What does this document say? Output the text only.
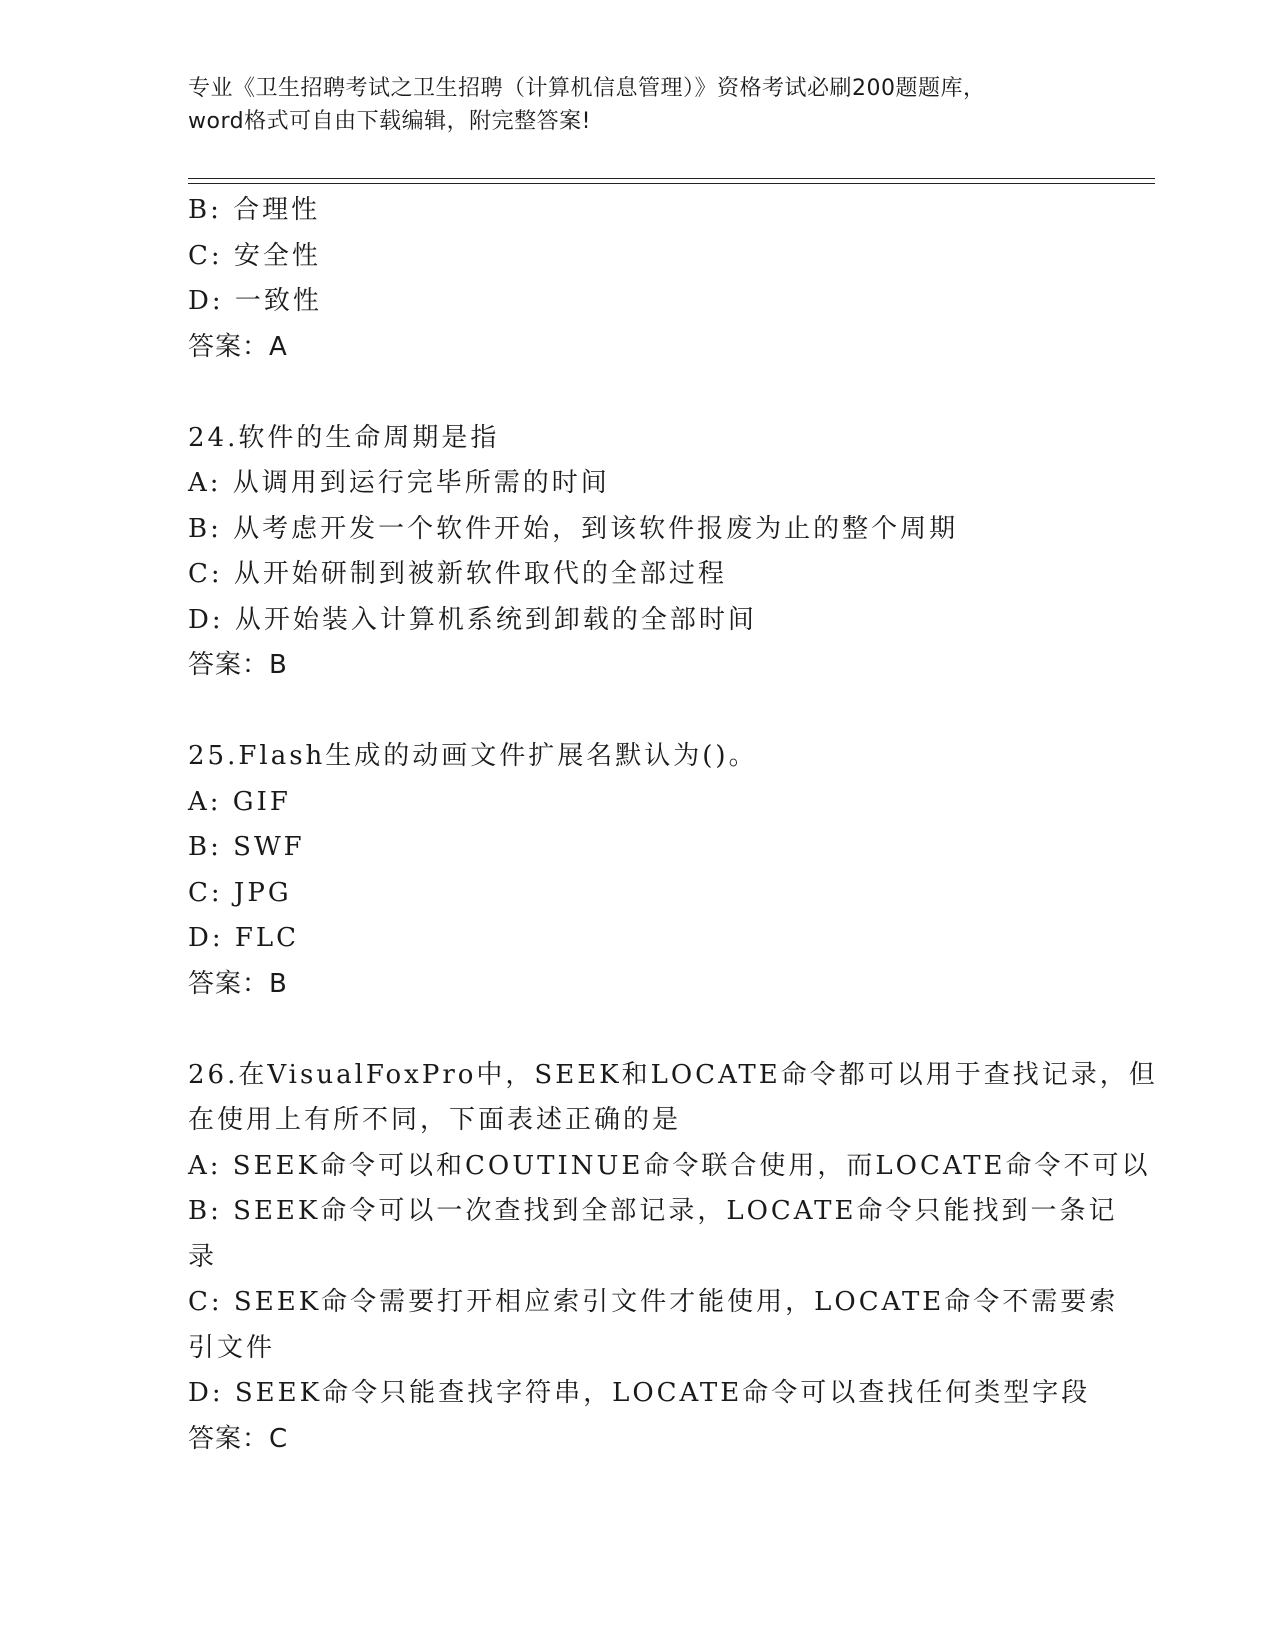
专业《卫生招聘考试之卫生招聘（计算机信息管理）》资格考试必刷200题题库，
word格式可自由下载编辑，附完整答案!
B: 合理性
C: 安全性
D: 一致性
答案：A
24.软件的生命周期是指
A: 从调用到运行完毕所需的时间
B: 从考虑开发一个软件开始，到该软件报废为止的整个周期
C: 从开始研制到被新软件取代的全部过程
D: 从开始装入计算机系统到卸载的全部时间
答案：B
25.Flash生成的动画文件扩展名默认为()。
A: GIF
B: SWF
C: JPG
D: FLC
答案：B
26.在VisualFoxPro中，SEEK和LOCATE命令都可以用于查找记录，但
在使用上有所不同，下面表述正确的是
A: SEEK命令可以和COUTINUE命令联合使用，而LOCATE命令不可以
B: SEEK命令可以一次查找到全部记录，LOCATE命令只能找到一条记
录
C: SEEK命令需要打开相应索引文件才能使用，LOCATE命令不需要索
引文件
D: SEEK命令只能查找字符串，LOCATE命令可以查找任何类型字段
答案：C
